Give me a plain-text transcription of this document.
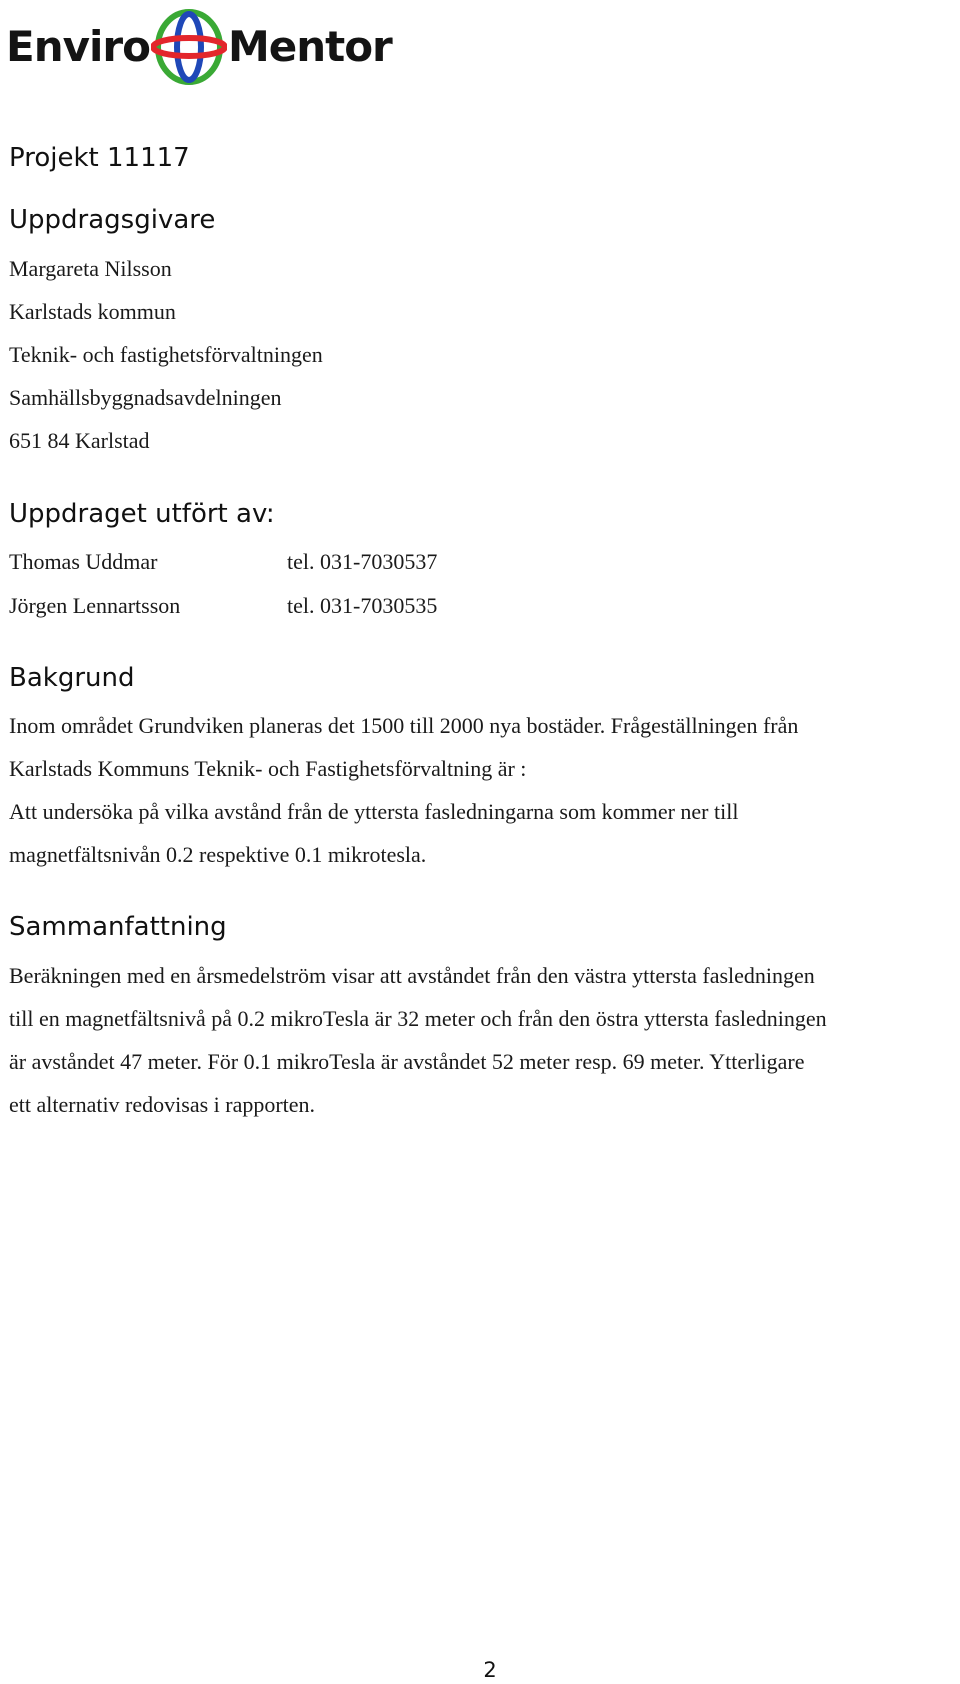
Enviro Mentor
Projekt 11117
Uppdragsgivare

Margareta Nilsson

Karlstads kommun

Teknik- och fastighetsförvaltningen

Samhällsbyggnadsavdelningen

651 84 Karlstad

Uppdraget utfört av:

Thomas Uddmar	tel. 031-7030537

Jörgen Lennartsson	tel. 031-7030535

Bakgrund

Inom området Grundviken planeras det 1500 till 2000 nya bostäder. Frågeställningen från

Karlstads Kommuns Teknik- och Fastighetsförvaltning är :

Att undersöka på vilka avstånd från de yttersta fasledningarna som kommer ner till

magnetfältsnivån 0.2 respektive 0.1 mikrotesla.

Sammanfattning

Beräkningen med en årsmedelström visar att avståndet från den västra yttersta fasledningen

till en magnetfältsnivå på 0.2 mikroTesla är 32 meter och från den östra yttersta fasledningen

är avståndet 47 meter. För 0.1 mikroTesla är avståndet 52 meter resp. 69 meter. Ytterligare

ett alternativ redovisas i rapporten.

2
